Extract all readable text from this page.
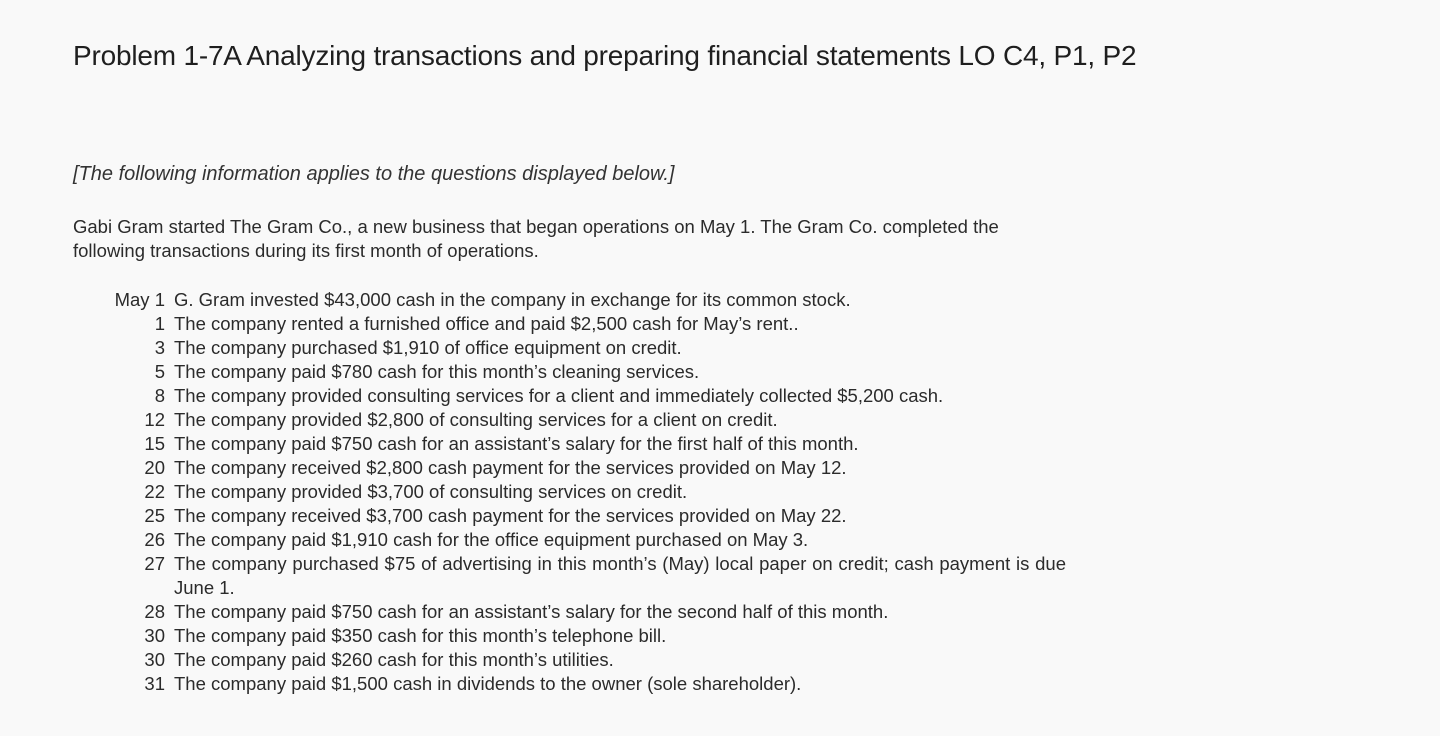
Problem 1-7A Analyzing transactions and preparing financial statements LO C4, P1, P2

[The following information applies to the questions displayed below.]

Gabi Gram started The Gram Co., a new business that began operations on May 1. The Gram Co. completed the following transactions during its first month of operations.

May 1	G. Gram invested $43,000 cash in the company in exchange for its common stock.
1	The company rented a furnished office and paid $2,500 cash for May’s rent..
3	The company purchased $1,910 of office equipment on credit.
5	The company paid $780 cash for this month’s cleaning services.
8	The company provided consulting services for a client and immediately collected $5,200 cash.
12	The company provided $2,800 of consulting services for a client on credit.
15	The company paid $750 cash for an assistant’s salary for the first half of this month.
20	The company received $2,800 cash payment for the services provided on May 12.
22	The company provided $3,700 of consulting services on credit.
25	The company received $3,700 cash payment for the services provided on May 22.
26	The company paid $1,910 cash for the office equipment purchased on May 3.
27	The company purchased $75 of advertising in this month’s (May) local paper on credit; cash payment is due June 1.
28	The company paid $750 cash for an assistant’s salary for the second half of this month.
30	The company paid $350 cash for this month’s telephone bill.
30	The company paid $260 cash for this month’s utilities.
31	The company paid $1,500 cash in dividends to the owner (sole shareholder).
